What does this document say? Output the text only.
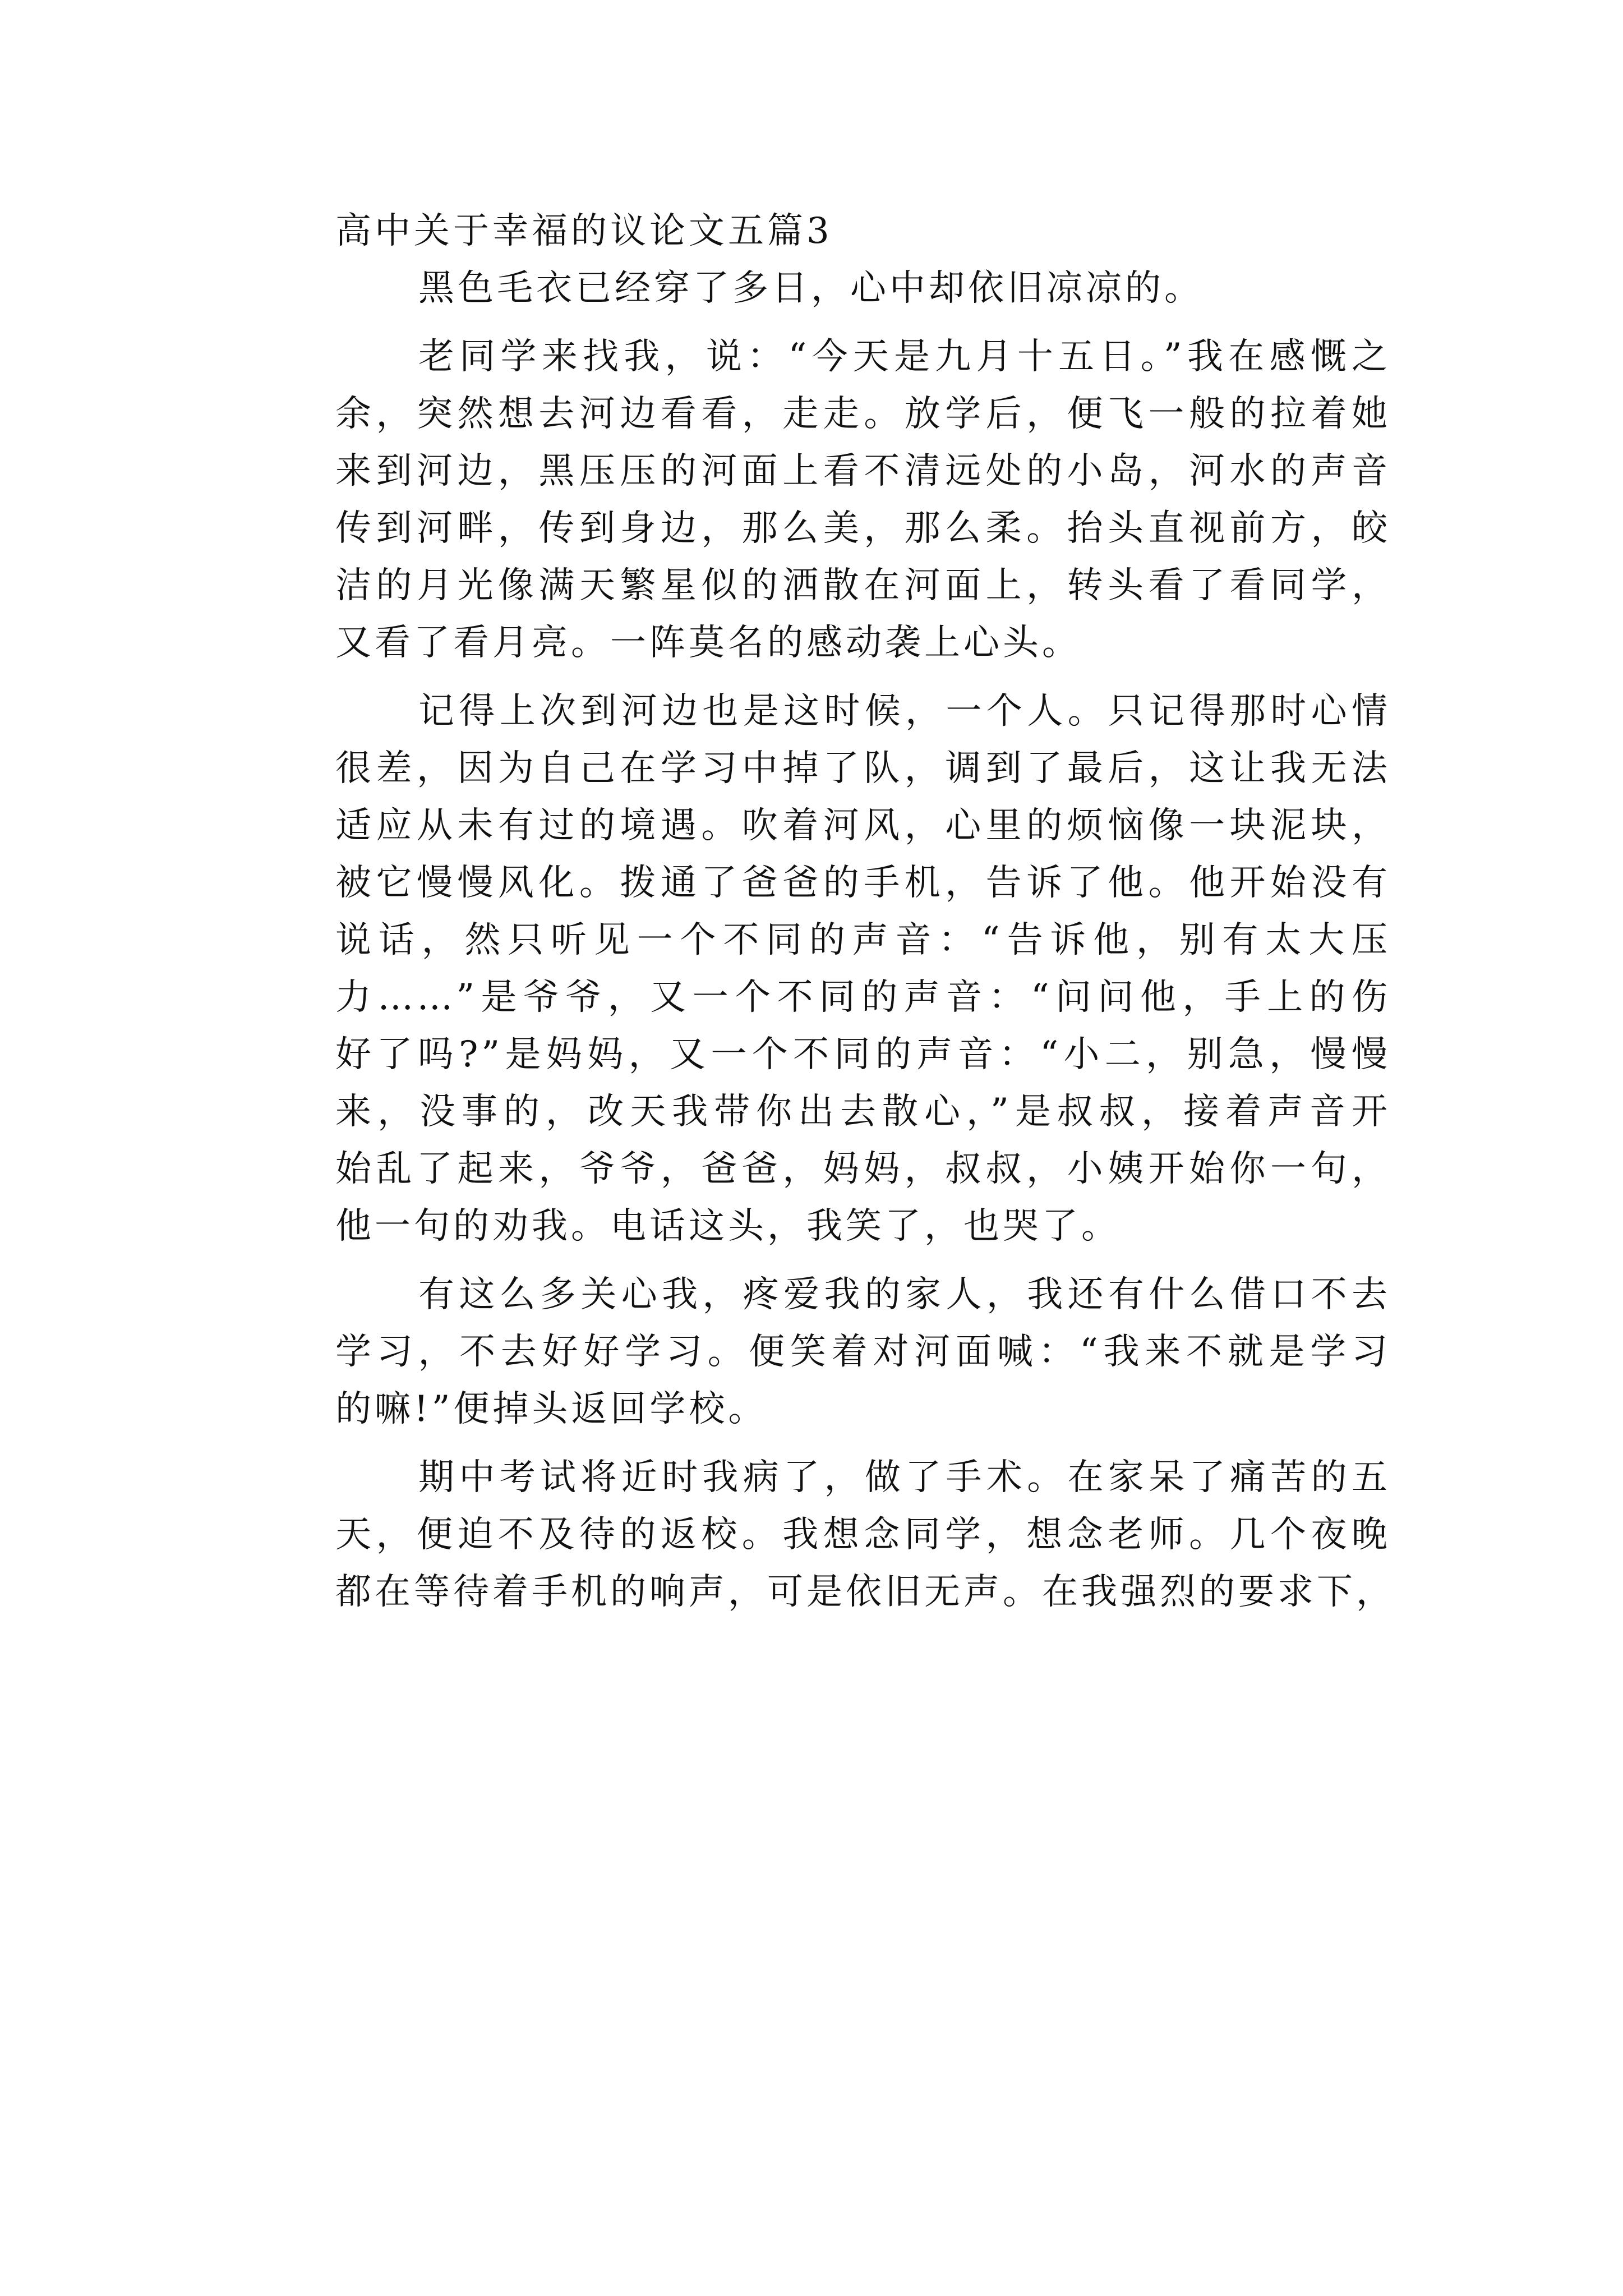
高中关于幸福的议论文五篇3

黑色毛衣已经穿了多日，心中却依旧凉凉的。
老同学来找我，说：“今天是九月十五日。”我在感慨之
余，突然想去河边看看，走走。放学后，便飞一般的拉着她
来到河边，黑压压的河面上看不清远处的小岛，河水的声音
传到河畔，传到身边，那么美，那么柔。抬头直视前方，皎
洁的月光像满天繁星似的洒散在河面上，转头看了看同学，
又看了看月亮。一阵莫名的感动袭上心头。
记得上次到河边也是这时候，一个人。只记得那时心情
很差，因为自己在学习中掉了队，调到了最后，这让我无法
适应从未有过的境遇。吹着河风，心里的烦恼像一块泥块，
被它慢慢风化。拨通了爸爸的手机，告诉了他。他开始没有
说话，然只听见一个不同的声音：“告诉他，别有太大压
力……”是爷爷，又一个不同的声音：“问问他，手上的伤
好了吗?”是妈妈，又一个不同的声音：“小二，别急，慢慢
来，没事的，改天我带你出去散心，”是叔叔，接着声音开
始乱了起来，爷爷，爸爸，妈妈，叔叔，小姨开始你一句，
他一句的劝我。电话这头，我笑了，也哭了。
有这么多关心我，疼爱我的家人，我还有什么借口不去
学习，不去好好学习。便笑着对河面喊：“我来不就是学习
的嘛!”便掉头返回学校。
期中考试将近时我病了，做了手术。在家呆了痛苦的五
天，便迫不及待的返校。我想念同学，想念老师。几个夜晚
都在等待着手机的响声，可是依旧无声。在我强烈的要求下，
